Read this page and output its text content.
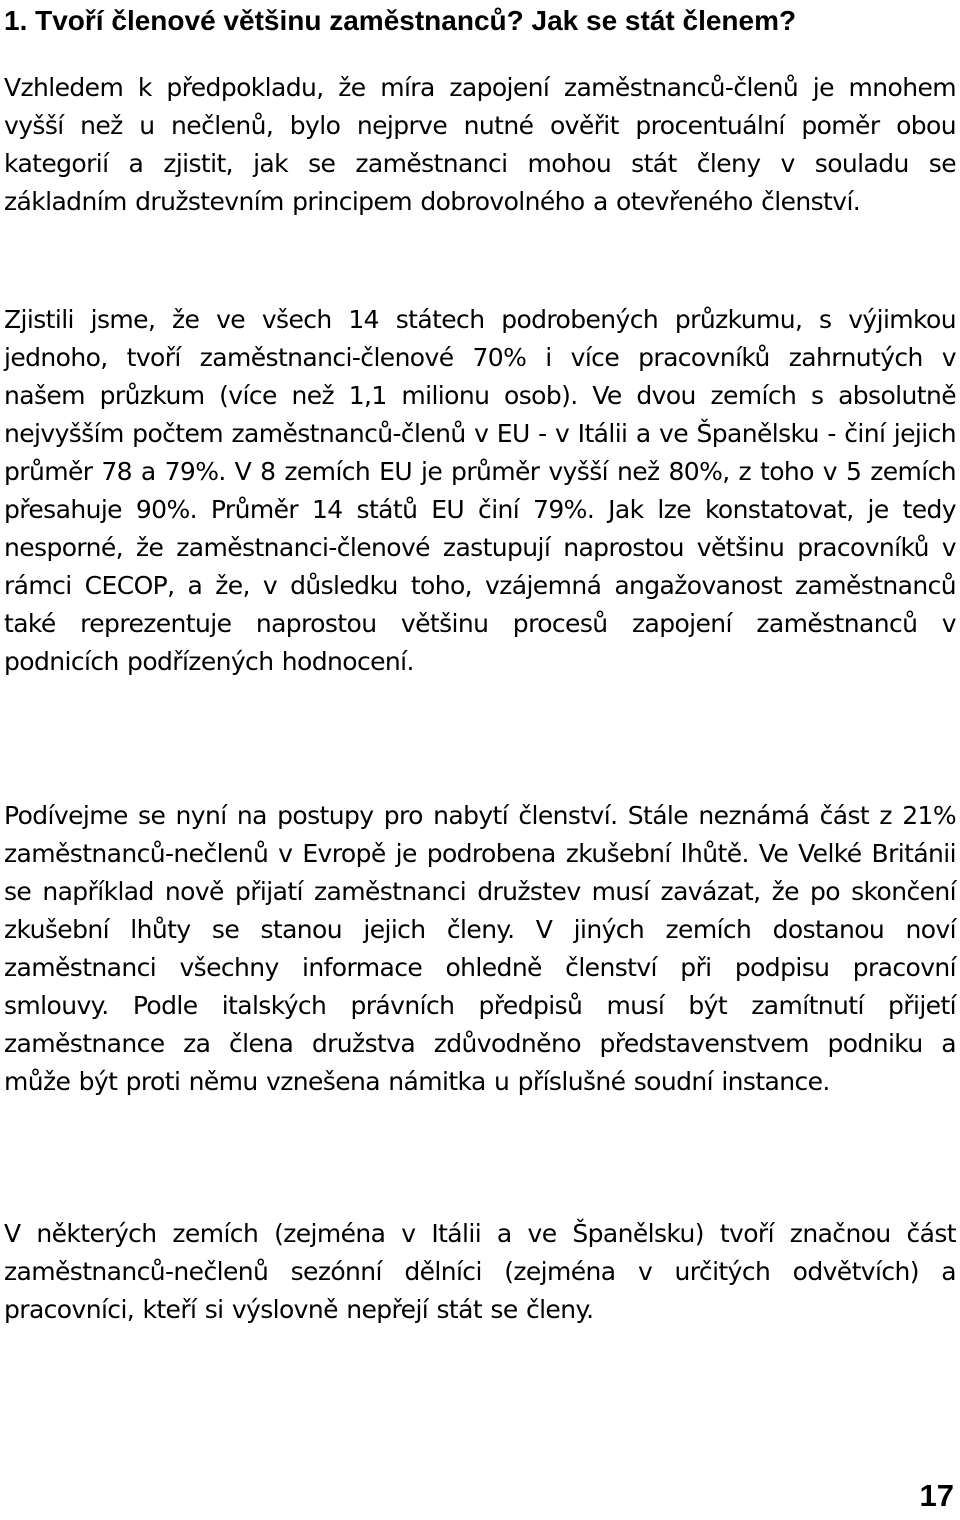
1. Tvoří členové většinu zaměstnanců? Jak se stát členem?

Vzhledem k předpokladu, že míra zapojení zaměstnanců-členů je mnohem vyšší než u nečlenů, bylo nejprve nutné ověřit procentuální poměr obou kategorií a zjistit, jak se zaměstnanci mohou stát členy v souladu se základním družstevním principem dobrovolného a otevřeného členství.

Zjistili jsme, že ve všech 14 státech podrobených průzkumu, s výjimkou jednoho, tvoří zaměstnanci-členové 70% i více pracovníků zahrnutých v našem průzkum (více než 1,1 milionu osob). Ve dvou zemích s absolutně nejvyšším počtem zaměstnanců-členů v EU - v Itálii a ve Španělsku - činí jejich průměr 78 a 79%. V 8 zemích EU je průměr vyšší než 80%, z toho v 5 zemích přesahuje 90%. Průměr 14 států EU činí 79%. Jak lze konstatovat, je tedy nesporné, že zaměstnanci-členové zastupují naprostou většinu pracovníků v rámci CECOP, a že, v důsledku toho, vzájemná angažovanost zaměstnanců také reprezentuje naprostou většinu procesů zapojení zaměstnanců v podnicích podřízených hodnocení.

Podívejme se nyní na postupy pro nabytí členství. Stále neznámá část z 21% zaměstnanců-nečlenů v Evropě je podrobena zkušební lhůtě. Ve Velké Británii se například nově přijatí zaměstnanci družstev musí zavázat, že po skončení zkušební lhůty se stanou jejich členy. V jiných zemích dostanou noví zaměstnanci všechny informace ohledně členství při podpisu pracovní smlouvy. Podle italských právních předpisů musí být zamítnutí přijetí zaměstnance za člena družstva zdůvodněno představenstvem podniku a může být proti němu vznešena námitka u příslušné soudní instance.

V některých zemích (zejména v Itálii a ve Španělsku) tvoří značnou část zaměstnanců-nečlenů sezónní dělníci (zejména v určitých odvětvích) a pracovníci, kteří si výslovně nepřejí stát se členy.

17
